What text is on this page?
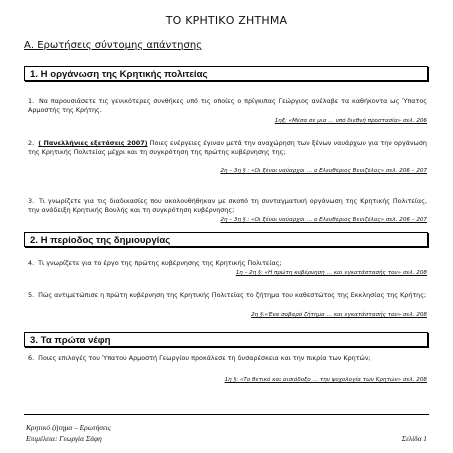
ΤΟ ΚΡΗΤΙΚΟ ΖΗΤΗΜΑ
Α. Ερωτήσεις σύντομης απάντησης
1. Η οργάνωση της Κρητικής πολιτείας
1. Να παρουσιάσετε τις γενικότερες συνθήκες υπό τις οποίες ο πρίγκιπας Γεώργιος ανέλαβε τα καθήκοντα ως Ύπατος Αρμοστής της Κρήτης.
1ηξ: «Μέσα σε μια … υπό διεθνή προστασία» σελ. 206
2. ( Πανελλήνιες εξετάσεις 2007) Ποιες ενέργειες έγιναν μετά την αναχώρηση των ξένων ναυάρχων για την οργάνωση της Κρητικής Πολιτείας μέχρι και τη συγκρότηση της πρώτης κυβέρνησης της;
2η – 3η § : «Οι ξένοι ναύαρχοι … ο Ελευθέριος Βενιζέλος» σελ. 206 – 207
3. Τι γνωρίζετε για τις διαδικασίες που ακολουθήθηκαν με σκοπό τη συνταγματική οργάνωση της Κρητικής Πολιτείας, την ανάδειξη Κρητικής Βουλής και τη συγκρότηση κυβέρνησης;
2η – 3η § : «Οι ξένοι ναύαρχοι … ο Ελευθέριος Βενιζέλος» σελ. 206 – 207
2. Η περίοδος της δημιουργίας
4. Τι γνωρίζετε για το έργο της πρώτης κυβέρνησης της Κρητικής Πολιτείας;
1η – 2η §: «Η πρώτη κυβέρνηση … και εγκατάστασής του» σελ. 208
5. Πώς αντιμετώπισε η πρώτη κυβέρνηση της Κρητικής Πολιτείας το ζήτημα του καθεστώτος της Εκκλησίας της Κρήτης;
2η §:«Ένα σοβαρό ζήτημα … και εγκατάστασής του» σελ. 208
3. Τα πρώτα νέφη
6. Ποιες επιλογές του Ύπατου Αρμοστή Γεωργίου προκάλεσε τη δυσαρέσκεια και την πικρία των Κρητών;
1η §: «Το θετικό και αισιόδοξο … την ψυχολογία των Κρητών» σελ. 208
Κρητικό ζήτημα – Ερωτήσεις
Επιμέλεια: Γεωργία Σάφη	Σελίδα 1
